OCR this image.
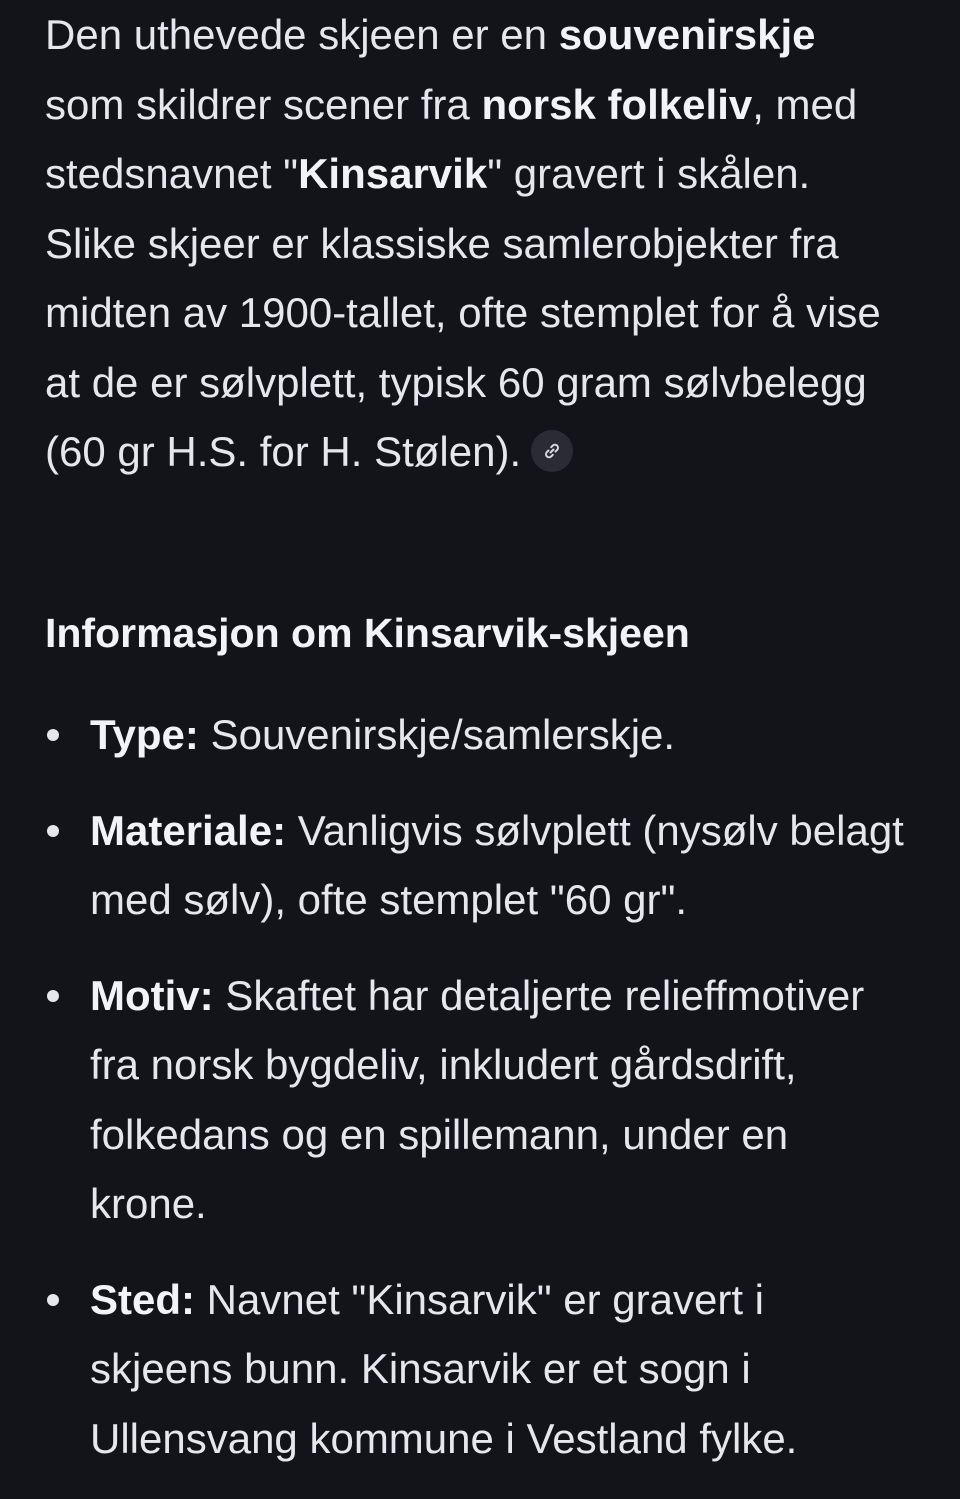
Den uthevede skjeen er en souvenirskje som skildrer scener fra norsk folkeliv, med stedsnavnet "Kinsarvik" gravert i skålen. Slike skjeer er klassiske samlerobjekter fra midten av 1900-tallet, ofte stemplet for å vise at de er sølvplett, typisk 60 gram sølvbelegg (60 gr H.S. for H. Stølen).

Informasjon om Kinsarvik-skjeen
Type: Souvenirskje/samlerskje.
Materiale: Vanligvis sølvplett (nysølv belagt med sølv), ofte stemplet "60 gr".
Motiv: Skaftet har detaljerte relieffmotiver fra norsk bygdeliv, inkludert gårdsdrift, folkedans og en spillemann, under en krone.
Sted: Navnet "Kinsarvik" er gravert i skjeens bunn. Kinsarvik er et sogn i Ullensvang kommune i Vestland fylke.
